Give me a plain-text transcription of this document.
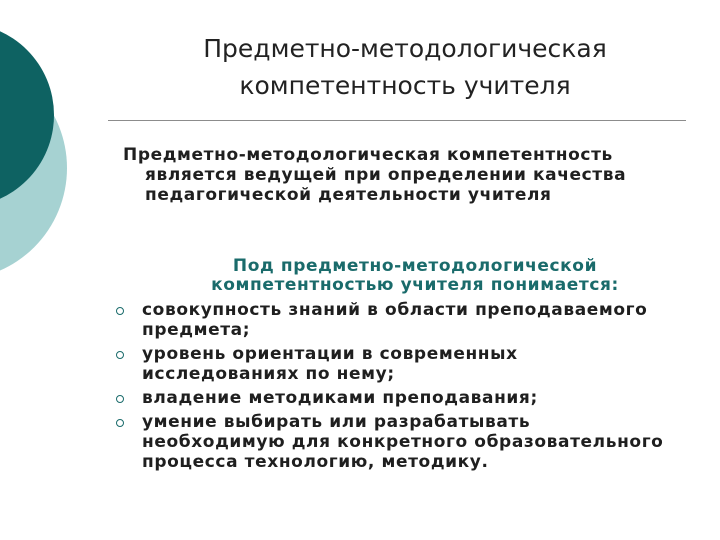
Предметно-методологическая
компетентность учителя

Предметно-методологическая компетентность является ведущей при определении качества педагогической деятельности учителя

Под предметно-методологической
компетентностью учителя понимается:

совокупность знаний в области преподаваемого предмета;
уровень ориентации в современных исследованиях по нему;
владение методиками преподавания;
умение выбирать или разрабатывать необходимую для конкретного образовательного процесса технологию, методику.
